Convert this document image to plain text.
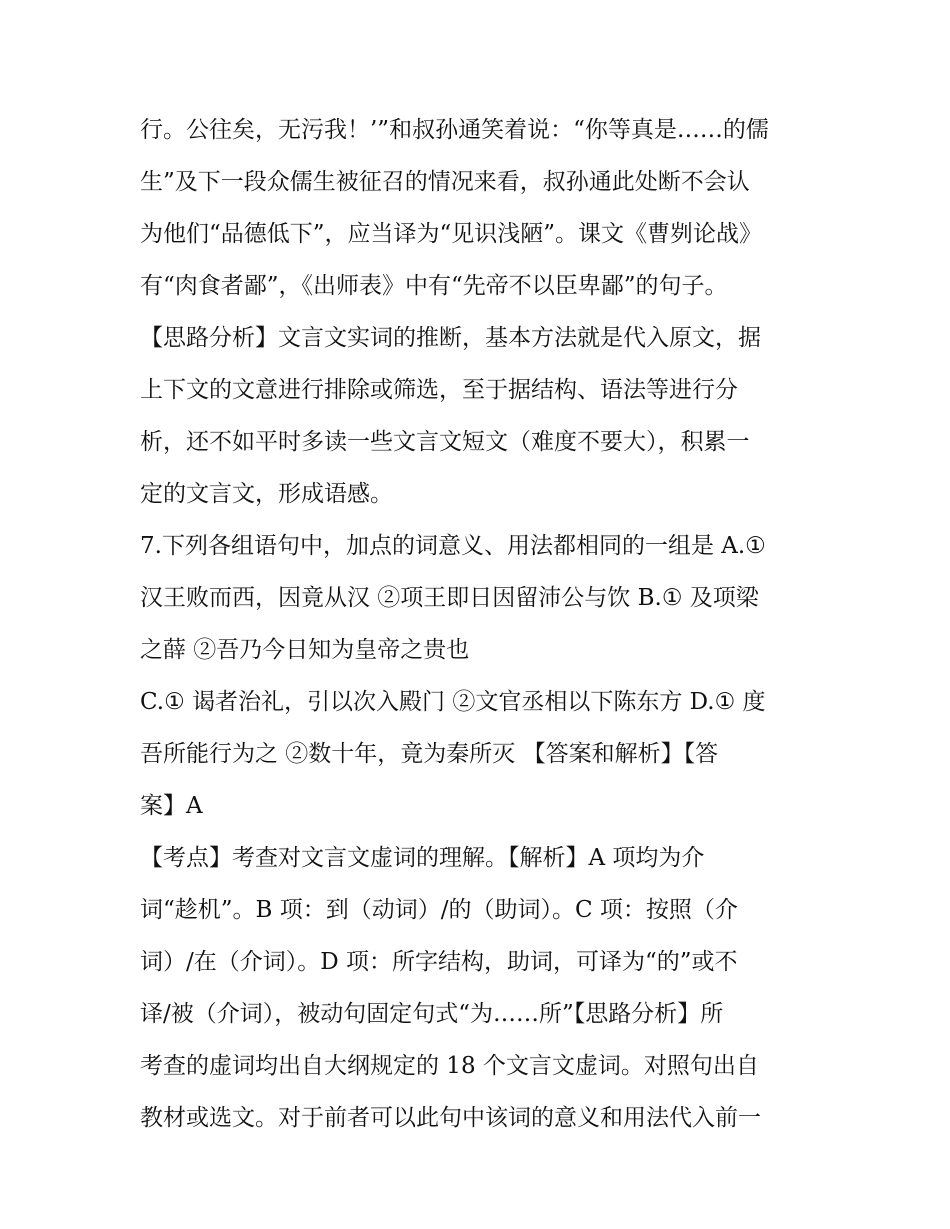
行。公往矣，无污我！’”和叔孙通笑着说：“你等真是……的儒
生”及下一段众儒生被征召的情况来看，叔孙通此处断不会认
为他们“品德低下”，应当译为“见识浅陋”。课文《曹刿论战》
有“肉食者鄙”，《出师表》中有“先帝不以臣卑鄙”的句子。
【思路分析】文言文实词的推断，基本方法就是代入原文，据
上下文的文意进行排除或筛选，至于据结构、语法等进行分
析，还不如平时多读一些文言文短文（难度不要大），积累一
定的文言文，形成语感。
7.下列各组语句中，加点的词意义、用法都相同的一组是 A.①
汉王败而西，因竟从汉 ②项王即日因留沛公与饮 B.① 及项梁
之薛 ②吾乃今日知为皇帝之贵也
C.① 谒者治礼，引以次入殿门 ②文官丞相以下陈东方 D.① 度
吾所能行为之 ②数十年，竟为秦所灭 【答案和解析】【答
案】A
【考点】考查对文言文虚词的理解。【解析】A 项均为介
词“趁机”。B 项：到（动词）/的（助词）。C 项：按照（介
词）/在（介词）。D 项：所字结构，助词，可译为“的”或不
译/被（介词），被动句固定句式“为……所”【思路分析】所
考查的虚词均出自大纲规定的 18 个文言文虚词。对照句出自
教材或选文。对于前者可以此句中该词的意义和用法代入前一
